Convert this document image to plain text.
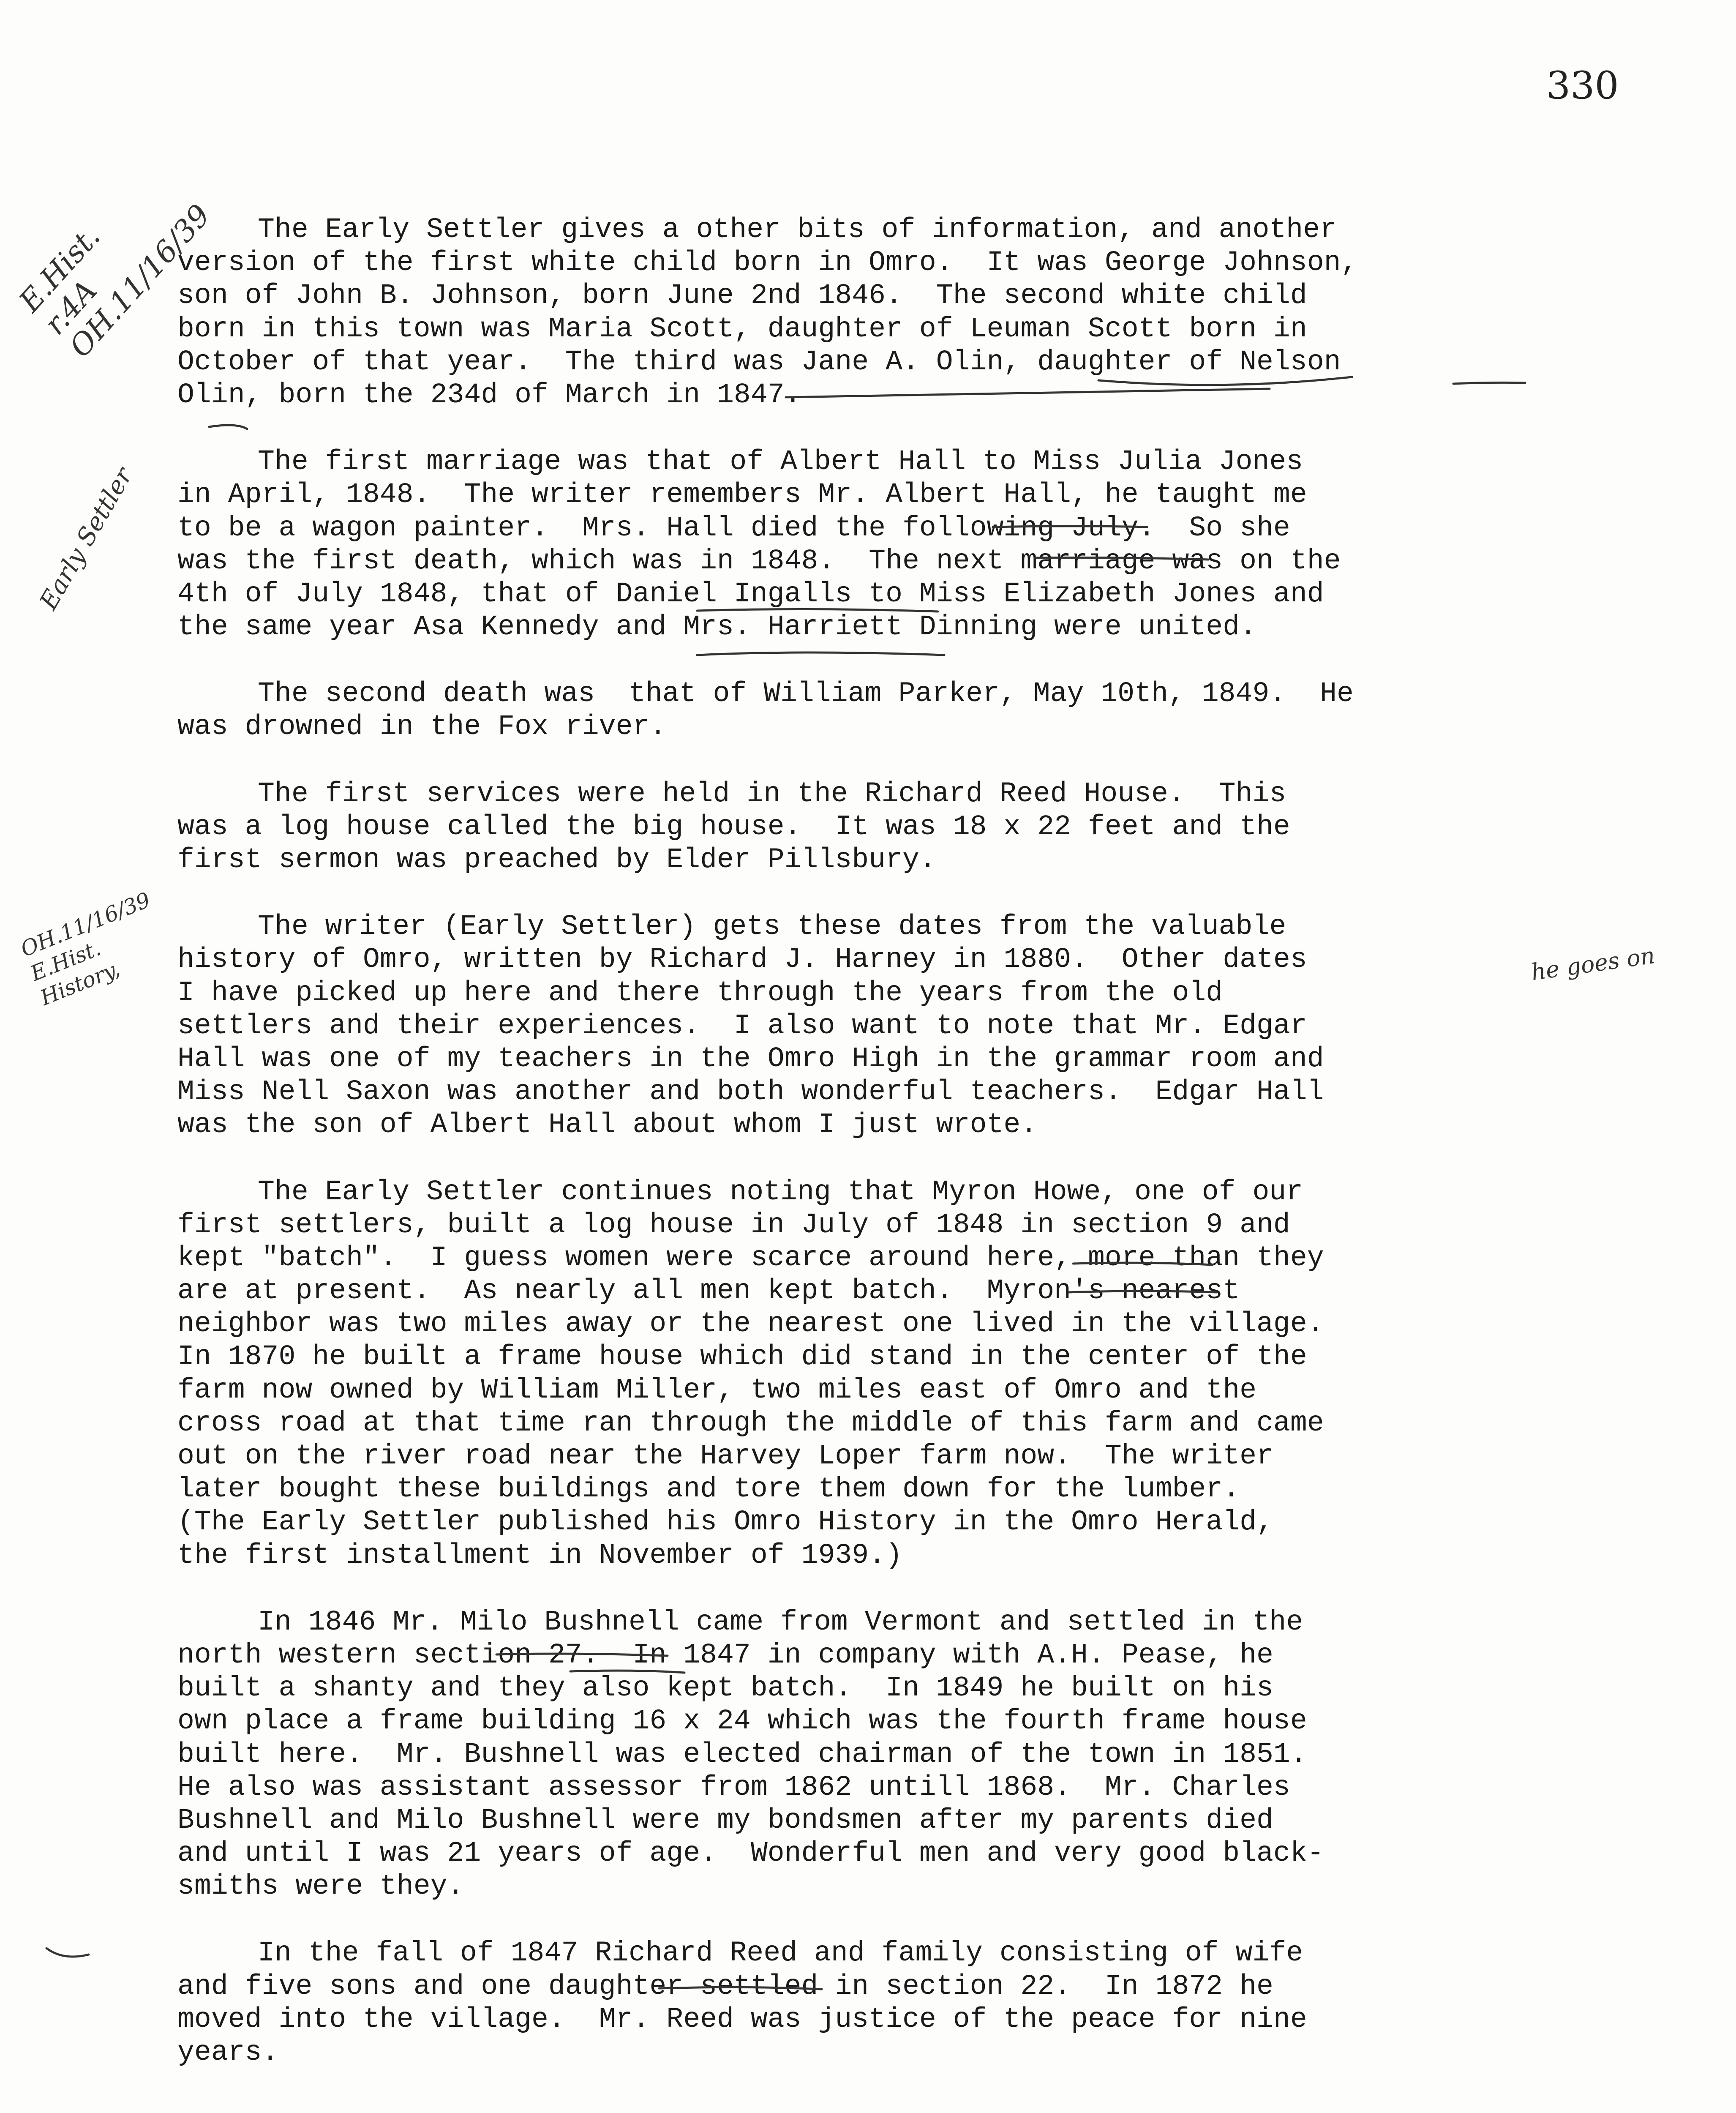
330
The Early Settler gives a other bits of information, and another
version of the first white child born in Omro.  It was George Johnson,
son of John B. Johnson, born June 2nd 1846.  The second white child
born in this town was Maria Scott, daughter of Leuman Scott born in
October of that year.  The third was Jane A. Olin, daughter of Nelson
Olin, born the 234d of March in 1847.
The first marriage was that of Albert Hall to Miss Julia Jones
in April, 1848.  The writer remembers Mr. Albert Hall, he taught me
to be a wagon painter.  Mrs. Hall died the following July.  So she
was the first death, which was in 1848.  The next marriage was on the
4th of July 1848, that of Daniel Ingalls to Miss Elizabeth Jones and
the same year Asa Kennedy and Mrs. Harriett Dinning were united.
The second death was  that of William Parker, May 10th, 1849.  He
was drowned in the Fox river.
The first services were held in the Richard Reed House.  This
was a log house called the big house.  It was 18 x 22 feet and the
first sermon was preached by Elder Pillsbury.
The writer (Early Settler) gets these dates from the valuable
history of Omro, written by Richard J. Harney in 1880.  Other dates
I have picked up here and there through the years from the old
settlers and their experiences.  I also want to note that Mr. Edgar
Hall was one of my teachers in the Omro High in the grammar room and
Miss Nell Saxon was another and both wonderful teachers.  Edgar Hall
was the son of Albert Hall about whom I just wrote.
The Early Settler continues noting that Myron Howe, one of our
first settlers, built a log house in July of 1848 in section 9 and
kept "batch".  I guess women were scarce around here, more than they
are at present.  As nearly all men kept batch.  Myron's nearest
neighbor was two miles away or the nearest one lived in the village.
In 1870 he built a frame house which did stand in the center of the
farm now owned by William Miller, two miles east of Omro and the
cross road at that time ran through the middle of this farm and came
out on the river road near the Harvey Loper farm now.  The writer
later bought these buildings and tore them down for the lumber.
(The Early Settler published his Omro History in the Omro Herald,
the first installment in November of 1939.)
In 1846 Mr. Milo Bushnell came from Vermont and settled in the
north western section 27.  In 1847 in company with A.H. Pease, he
built a shanty and they also kept batch.  In 1849 he built on his
own place a frame building 16 x 24 which was the fourth frame house
built here.  Mr. Bushnell was elected chairman of the town in 1851.
He also was assistant assessor from 1862 untill 1868.  Mr. Charles
Bushnell and Milo Bushnell were my bondsmen after my parents died
and until I was 21 years of age.  Wonderful men and very good black-
smiths were they.
In the fall of 1847 Richard Reed and family consisting of wife
and five sons and one daughter settled in section 22.  In 1872 he
moved into the village.  Mr. Reed was justice of the peace for nine
years.
E.Hist.
r.4A
OH.11/16/39
Early Settler
OH.11/16/39
E.Hist.
History,	he goes on
